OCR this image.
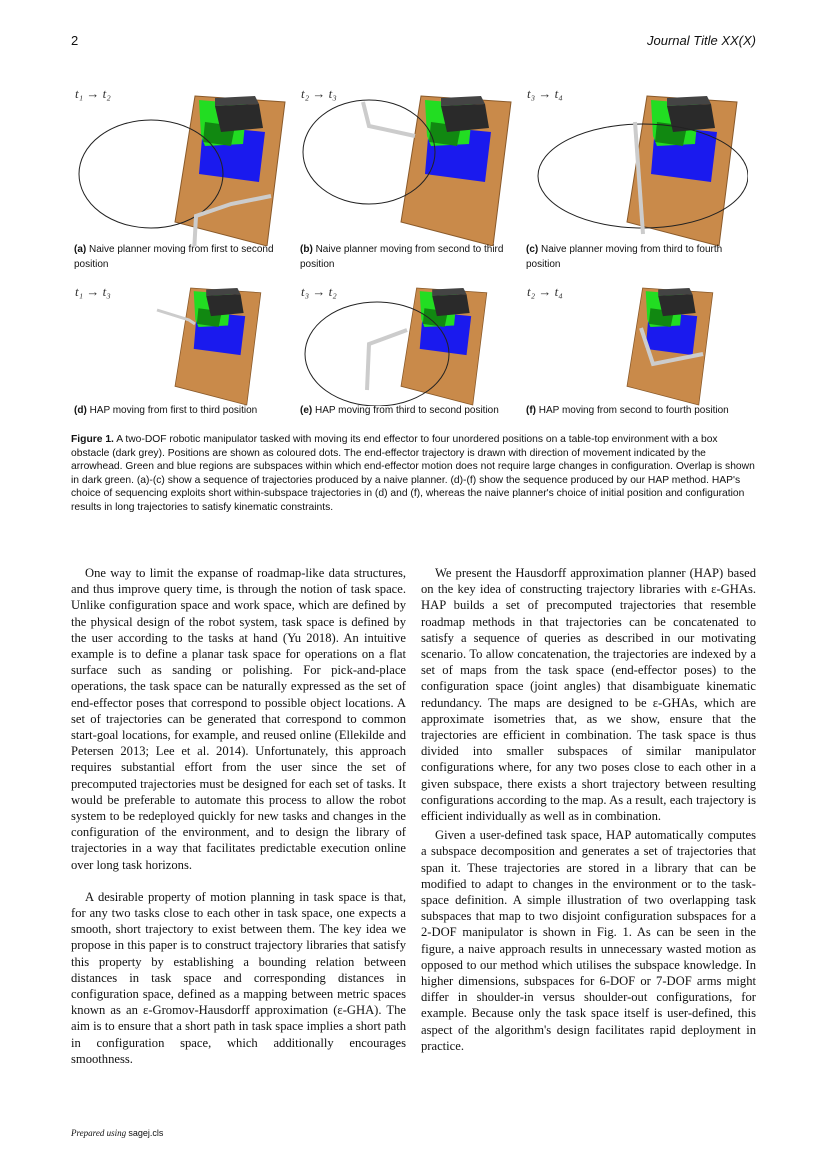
2	Journal Title XX(X)
t₁ → t₂	t₂ → t₃	t₃ → t₄
(a) Naive planner moving from first to second position
(b) Naive planner moving from second to third position
(c) Naive planner moving from third to fourth position
t₁ → t₃	t₃ → t₂	t₂ → t₄
(d) HAP moving from first to third position	(e) HAP moving from third to second position	(f) HAP moving from second to fourth position
Figure 1. A two-DOF robotic manipulator tasked with moving its end effector to four unordered positions on a table-top environment with a box obstacle (dark grey). Positions are shown as coloured dots. The end-effector trajectory is drawn with direction of movement indicated by the arrowhead. Green and blue regions are subspaces within which end-effector motion does not require large changes in configuration. Overlap is shown in dark green. (a)-(c) show a sequence of trajectories produced by a naive planner. (d)-(f) show the sequence produced by our HAP method. HAP's choice of sequencing exploits short within-subspace trajectories in (d) and (f), whereas the naive planner's choice of initial position and configuration results in long trajectories to satisfy kinematic constraints.

One way to limit the expanse of roadmap-like data structures, and thus improve query time, is through the notion of task space. Unlike configuration space and work space, which are defined by the physical design of the robot system, task space is defined by the user according to the tasks at hand (Yu 2018). An intuitive example is to define a planar task space for operations on a flat surface such as sanding or polishing. For pick-and-place operations, the task space can be naturally expressed as the set of end-effector poses that correspond to possible object locations. A set of trajectories can be generated that correspond to common start-goal locations, for example, and reused online (Ellekilde and Petersen 2013; Lee et al. 2014). Unfortunately, this approach requires substantial effort from the user since the set of precomputed trajectories must be designed for each set of tasks. It would be preferable to automate this process to allow the robot system to be redeployed quickly for new tasks and changes in the configuration of the environment, and to design the library of trajectories in a way that facilitates predictable execution online over long task horizons.

A desirable property of motion planning in task space is that, for any two tasks close to each other in task space, one expects a smooth, short trajectory to exist between them. The key idea we propose in this paper is to construct trajectory libraries that satisfy this property by establishing a bounding relation between distances in task space and corresponding distances in configuration space, defined as a mapping between metric spaces known as an ε-Gromov-Hausdorff approximation (ε-GHA). The aim is to ensure that a short path in task space implies a short path in configuration space, which additionally encourages smoothness.

We present the Hausdorff approximation planner (HAP) based on the key idea of constructing trajectory libraries with ε-GHAs. HAP builds a set of precomputed trajectories that resemble roadmap methods in that trajectories can be concatenated to satisfy a sequence of queries as described in our motivating scenario. To allow concatenation, the trajectories are indexed by a set of maps from the task space (end-effector poses) to the configuration space (joint angles) that disambiguate kinematic redundancy. The maps are designed to be ε-GHAs, which are approximate isometries that, as we show, ensure that the trajectories are efficient in combination. The task space is thus divided into smaller subspaces of similar manipulator configurations where, for any two poses close to each other in a given subspace, there exists a short trajectory between resulting configurations according to the map. As a result, each trajectory is efficient individually as well as in combination.

Given a user-defined task space, HAP automatically computes a subspace decomposition and generates a set of trajectories that span it. These trajectories are stored in a library that can be modified to adapt to changes in the environment or to the task-space definition. A simple illustration of two overlapping task subspaces that map to two disjoint configuration subspaces for a 2-DOF manipulator is shown in Fig. 1. As can be seen in the figure, a naive approach results in unnecessary wasted motion as opposed to our method which utilises the subspace knowledge. In higher dimensions, subspaces for 6-DOF or 7-DOF arms might differ in shoulder-in versus shoulder-out configurations, for example. Because only the task space itself is user-defined, this aspect of the algorithm's design facilitates rapid deployment in practice.

Prepared using sagej.cls
